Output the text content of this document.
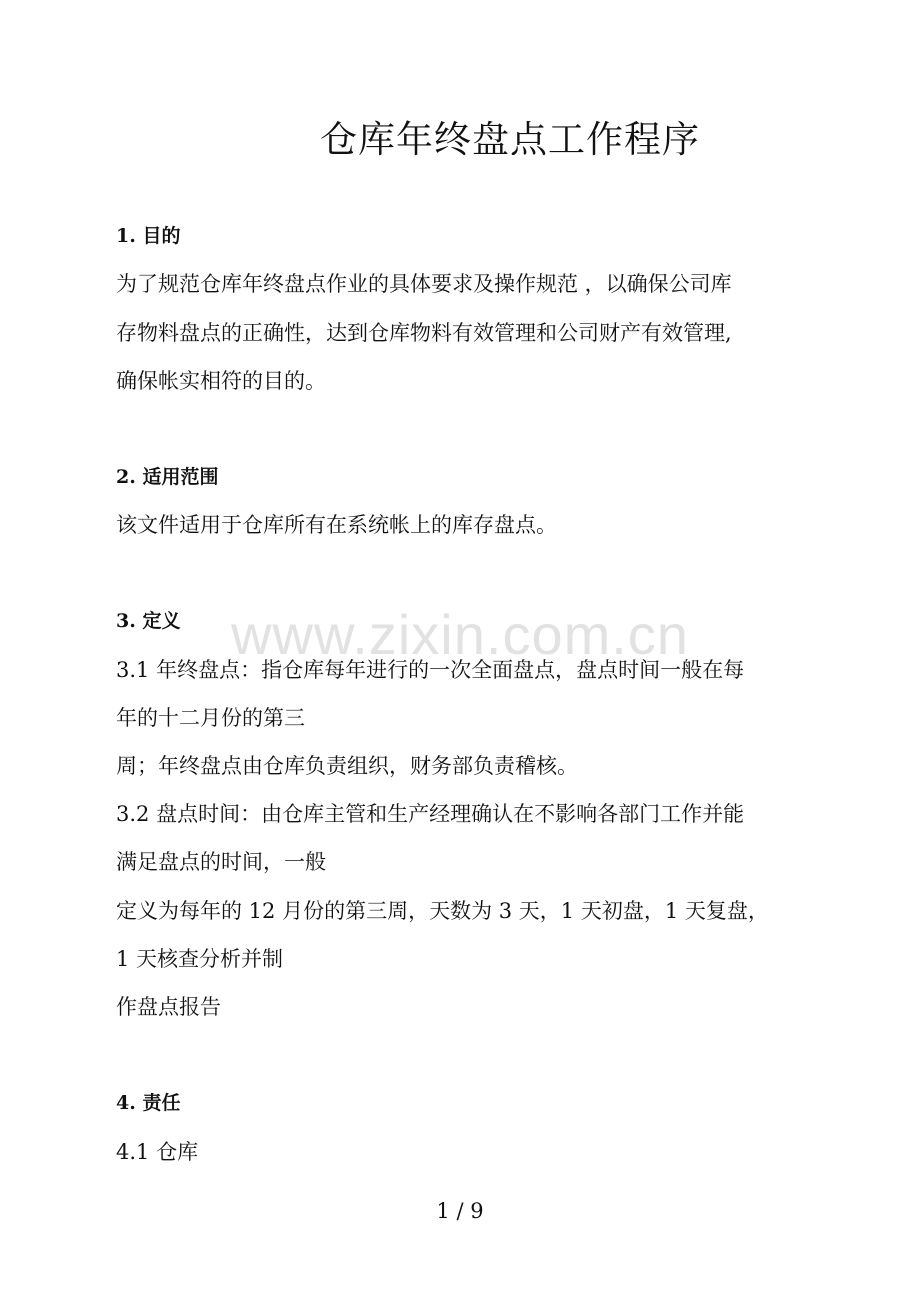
仓库年终盘点工作程序
1. 目的
为了规范仓库年终盘点作业的具体要求及操作规范 ，以确保公司库
存物料盘点的正确性，达到仓库物料有效管理和公司财产有效管理,
确保帐实相符的目的。
2. 适用范围
该文件适用于仓库所有在系统帐上的库存盘点。
3. 定义
3.1 年终盘点：指仓库每年进行的一次全面盘点，盘点时间一般在每
年的十二月份的第三
周；年终盘点由仓库负责组织，财务部负责稽核。
3.2 盘点时间：由仓库主管和生产经理确认在不影响各部门工作并能
满足盘点的时间，一般
定义为每年的 12 月份的第三周，天数为 3 天，1 天初盘，1 天复盘，
1 天核查分析并制
作盘点报告
4. 责任
4.1 仓库
www.zixin.com.cn
1 / 9
